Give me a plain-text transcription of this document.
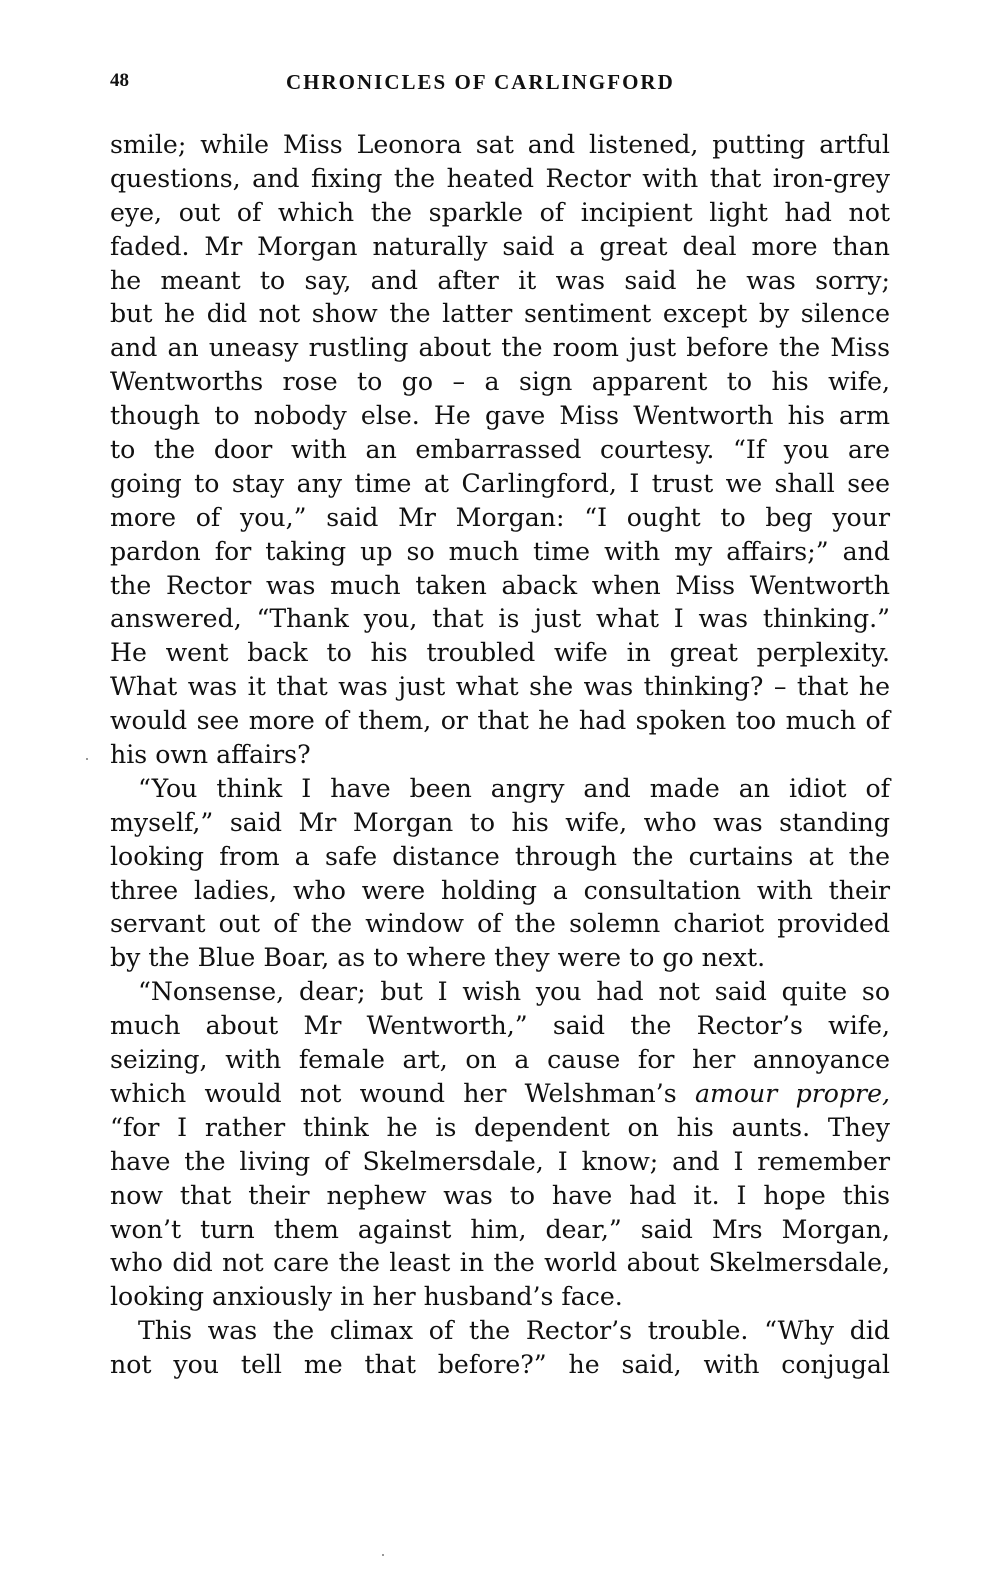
48	CHRONICLES OF CARLINGFORD
smile; while Miss Leonora sat and listened, putting artful
questions, and fixing the heated Rector with that iron-grey
eye, out of which the sparkle of incipient light had not
faded. Mr Morgan naturally said a great deal more than
he meant to say, and after it was said he was sorry;
but he did not show the latter sentiment except by silence
and an uneasy rustling about the room just before the Miss
Wentworths rose to go – a sign apparent to his wife,
though to nobody else. He gave Miss Wentworth his arm
to the door with an embarrassed courtesy. “If you are
going to stay any time at Carlingford, I trust we shall see
more of you,” said Mr Morgan: “I ought to beg your
pardon for taking up so much time with my affairs;” and
the Rector was much taken aback when Miss Wentworth
answered, “Thank you, that is just what I was thinking.”
He went back to his troubled wife in great perplexity.
What was it that was just what she was thinking? – that he
would see more of them, or that he had spoken too much of
his own affairs?
“You think I have been angry and made an idiot of
myself,” said Mr Morgan to his wife, who was standing
looking from a safe distance through the curtains at the
three ladies, who were holding a consultation with their
servant out of the window of the solemn chariot provided
by the Blue Boar, as to where they were to go next.
“Nonsense, dear; but I wish you had not said quite so
much about Mr Wentworth,” said the Rector’s wife,
seizing, with female art, on a cause for her annoyance
which would not wound her Welshman’s amour propre,
“for I rather think he is dependent on his aunts. They
have the living of Skelmersdale, I know; and I remember
now that their nephew was to have had it. I hope this
won’t turn them against him, dear,” said Mrs Morgan,
who did not care the least in the world about Skelmersdale,
looking anxiously in her husband’s face.
This was the climax of the Rector’s trouble. “Why did
not you tell me that before?” he said, with conjugal
